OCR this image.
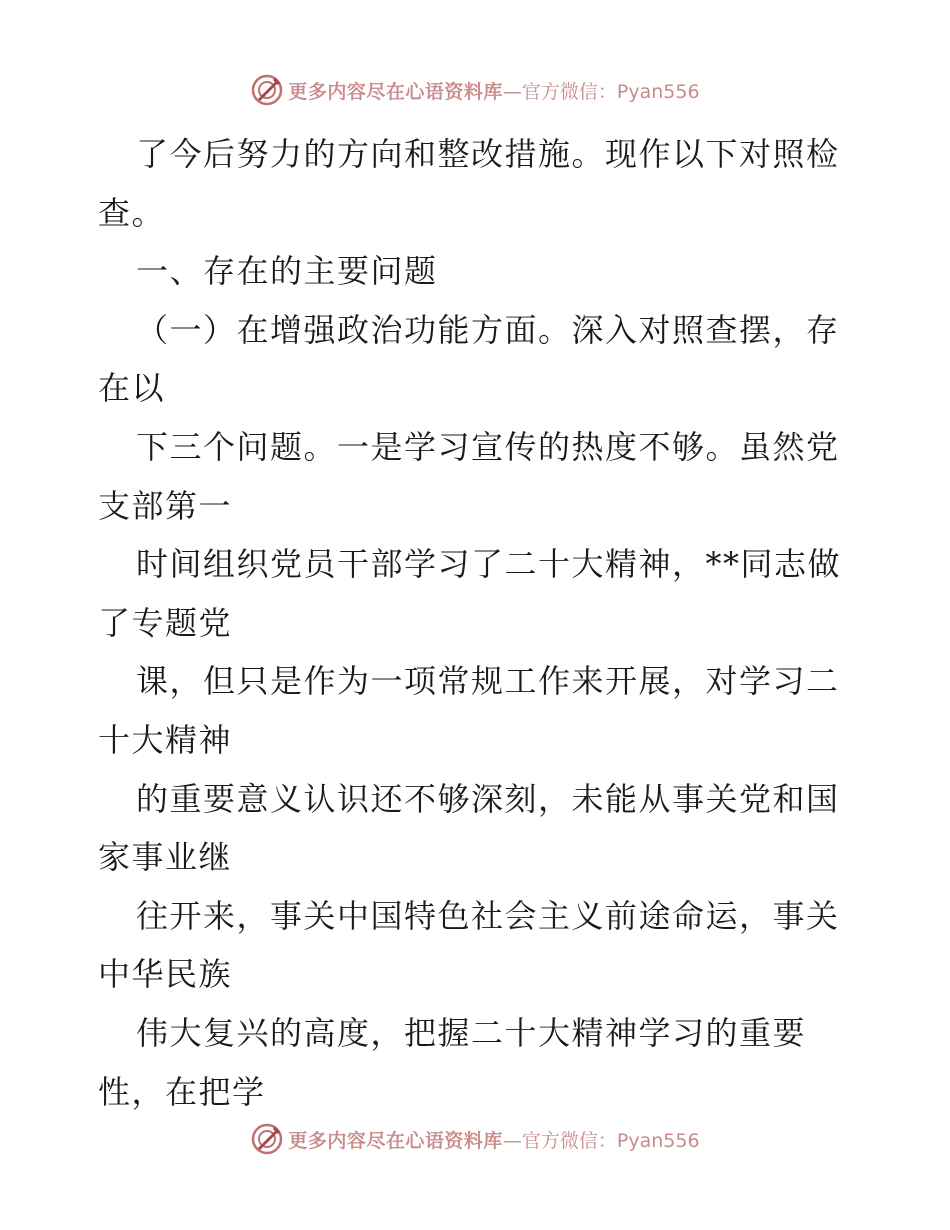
更多内容尽在心语资料库 —官方微信：Pyan556
了今后努力的方向和整改措施。现作以下对照检
查。
一、存在的主要问题
（一）在增强政治功能方面。深入对照查摆，存
在以
下三个问题。一是学习宣传的热度不够。虽然党
支部第一
时间组织党员干部学习了二十大精神，**同志做
了专题党
课，但只是作为一项常规工作来开展，对学习二
十大精神
的重要意义认识还不够深刻，未能从事关党和国
家事业继
往开来，事关中国特色社会主义前途命运，事关
中华民族
伟大复兴的高度，把握二十大精神学习的重要
性，在把学
更多内容尽在心语资料库 —官方微信：Pyan556
